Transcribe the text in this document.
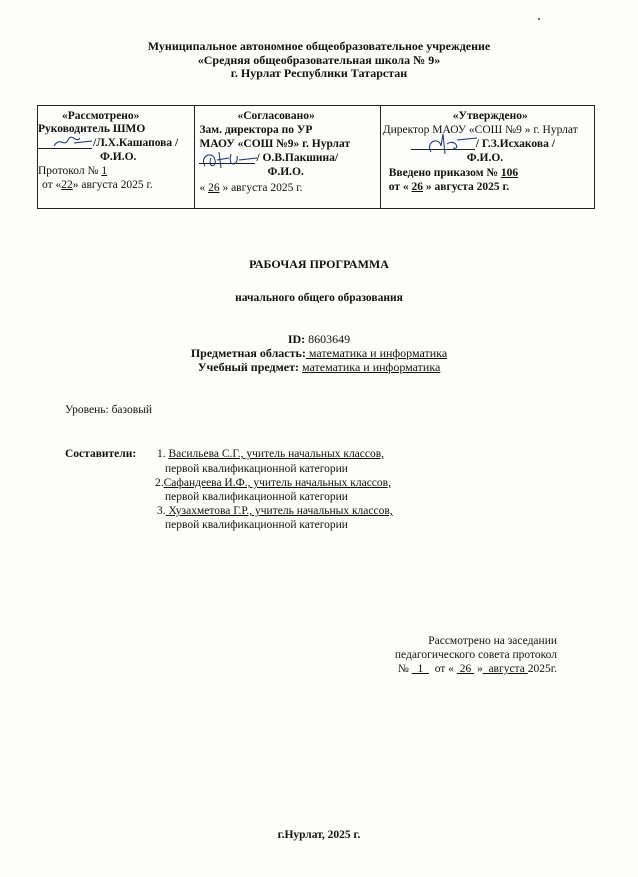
Муниципальное автономное общеобразовательное учреждение
«Средняя общеобразовательная школа № 9»
г. Нурлат Республики Татарстан
«Рассмотрено»
Руководитель ШМО
/Л.Х.Кашапова /
Ф.И.О.
Протокол № 1
от «22» августа 2025 г.
«Согласовано»
Зам. директора по УР
МАОУ «СОШ №9» г. Нурлат
/ О.В.Пакшина/
Ф.И.О.
« 26 » августа 2025 г.
«Утверждено»
Директор МАОУ «СОШ №9 » г. Нурлат
/ Г.З.Исхакова /
Ф.И.О.
Введено приказом № 106
от « 26 » августа 2025 г.
РАБОЧАЯ ПРОГРАММА
начального общего образования
ID: 8603649
Предметная область: математика и информатика
Учебный предмет: математика и информатика
Уровень: базовый
Составители: 1. Васильева С.Г., учитель начальных классов,
первой квалификационной категории
2.Сафандеева И.Ф., учитель начальных классов,
первой квалификационной категории
3. Хузахметова Г.Р., учитель начальных классов,
первой квалификационной категории
Рассмотрено на заседании
педагогического совета протокол
№   1    от «  26  »  августа 2025г.
г.Нурлат, 2025 г.
